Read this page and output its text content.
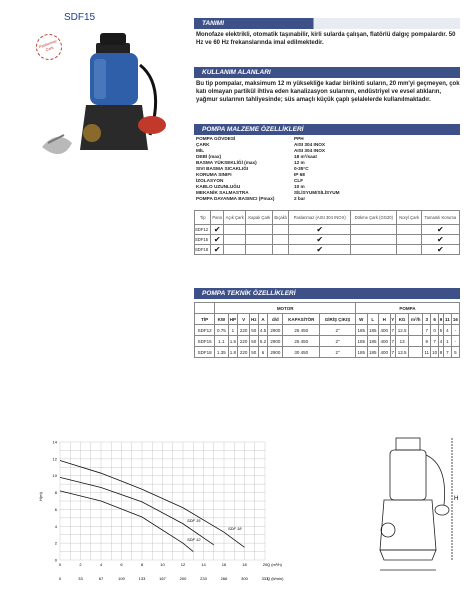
SDF15
Paslanmaz Çark
TANIMI
Monofaze elektrikli, otomatik taşınabilir, kirli sularda çalışan, flatörlü dalgıç pompalardır. 50 Hz ve 60 Hz frekanslarında imal edilmektedir.
KULLANIM ALANLARI
Bu tip pompalar, maksimum 12 m yüksekliğe kadar birikinti suların, 20 mm'yi geçmeyen, çok katı olmayan partikül ihtiva eden kanalizasyon sularının, endüstriyel ve evsel atıkların, yağmur sularının tahliyesinde; süs amaçlı küçük çaplı şelalelerde kullanılmaktadır.
POMPA MALZEME ÖZELLİKLERİ
POMPA GÖVDESİ	PPH
ÇARK	AISI 304 INOX
MİL	AISI 304 INOX
DEBİ (max)	18 m³/saat
BASMA YÜKSEKLİĞİ (max)	12 m
SIVI BASMA SICAKLIĞI	0-35°C
KORUMA SINIFI	IP 68
İZOLASYON	CLF
KABLO UZUNLUĞU	10 m
MEKANİK SALMASTRA	SİLİSYUM/SİLİSYUM
POMPA DAYANMA BASINCI (Pmax)	2 bar
Tip	Pano	Açık Çark	Kapalı Çark	Bıçaklı	Paslanmaz (AISI 304 INOX)	Dökme Çark (GG20)	Noryl Çark	Tamamlı Koruma
SDF12	✔				✔			✔
SDF15	✔				✔			✔
SDF18	✔				✔			✔
POMPA TEKNİK ÖZELLİKLERİ
	MOTOR								POMPA										
TİP	KW	HP	V	Hz	A	d/d	KAPASİTÖR	GİRİŞ ÇIKIŞ	W	L	H	Y	KG	m³/h	3	6	9	11	16
SDF12	0.75	1	220	50	4.5	2900	25 450	2"	185	185	400	7	12.5		7	0	5	4	-
SDF15	1.1	1.5	220	50	5.2	2900	25 450	2"	185	185	400	7	13		9	7	4	1	-
SDF18	1.35	1.8	220	50	6	2900	30 450	2"	185	185	400	7	13.5		11	10	8	7	5
0	2	4	6	8	10	12	14	16	18	20
0	33	67	100	133	167	200	233	266	300	333
0
2
4
6
8
10
12
14
Q (m³/h)
Q (lt/min)
H(m)
SDF 18
SDF 15
SDF 12
H
